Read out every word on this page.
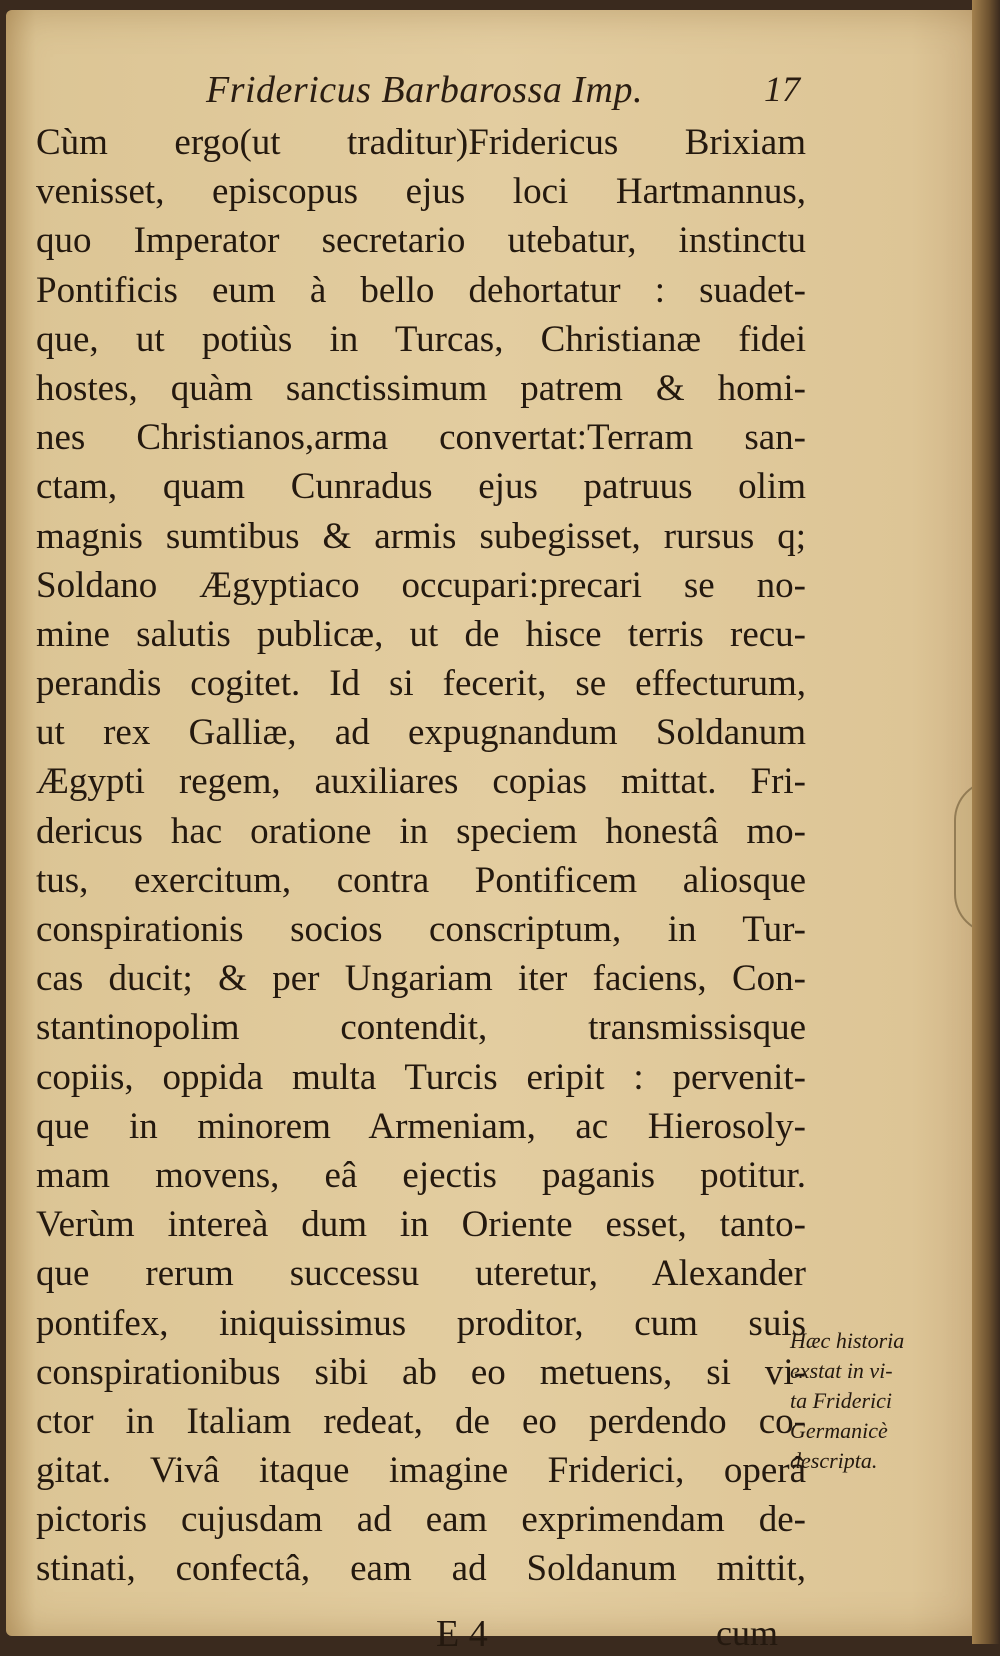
Fridericus Barbarossa Imp.	17
Cùm ergo(ut traditur)Fridericus Brixiam
venisset, episcopus ejus loci Hartmannus,
quo Imperator secretario utebatur, instinctu
Pontificis eum à bello dehortatur : suadet-
que, ut potiùs in Turcas, Christianæ fidei
hostes, quàm sanctissimum patrem & homi-
nes Christianos,arma convertat:Terram san-
ctam, quam Cunradus ejus patruus olim
magnis sumtibus & armis subegisset, rursus q;
Soldano Ægyptiaco occupari:precari se no-
mine salutis publicæ, ut de hisce terris recu-
perandis cogitet. Id si fecerit, se effecturum,
ut rex Galliæ, ad expugnandum Soldanum
Ægypti regem, auxiliares copias mittat. Fri-
dericus hac oratione in speciem honestâ mo-
tus, exercitum, contra Pontificem aliosque
conspirationis socios conscriptum, in Tur-
cas ducit; & per Ungariam iter faciens, Con-
stantinopolim contendit, transmissisque
copiis, oppida multa Turcis eripit : pervenit-
que in minorem Armeniam, ac Hierosoly-
mam movens, eâ ejectis paganis potitur.
Verùm intereà dum in Oriente esset, tanto-
que rerum successu uteretur, Alexander
pontifex, iniquissimus proditor, cum suis
conspirationibus sibi ab eo metuens, si vi-
ctor in Italiam redeat, de eo perdendo co-
gitat. Vivâ itaque imagine Friderici, operâ
pictoris cujusdam ad eam exprimendam de-
stinati, confectâ, eam ad Soldanum mittit,
Hæc historia
exstat in vi-
ta Friderici
Germanicè
descripta.
E 4	cum
